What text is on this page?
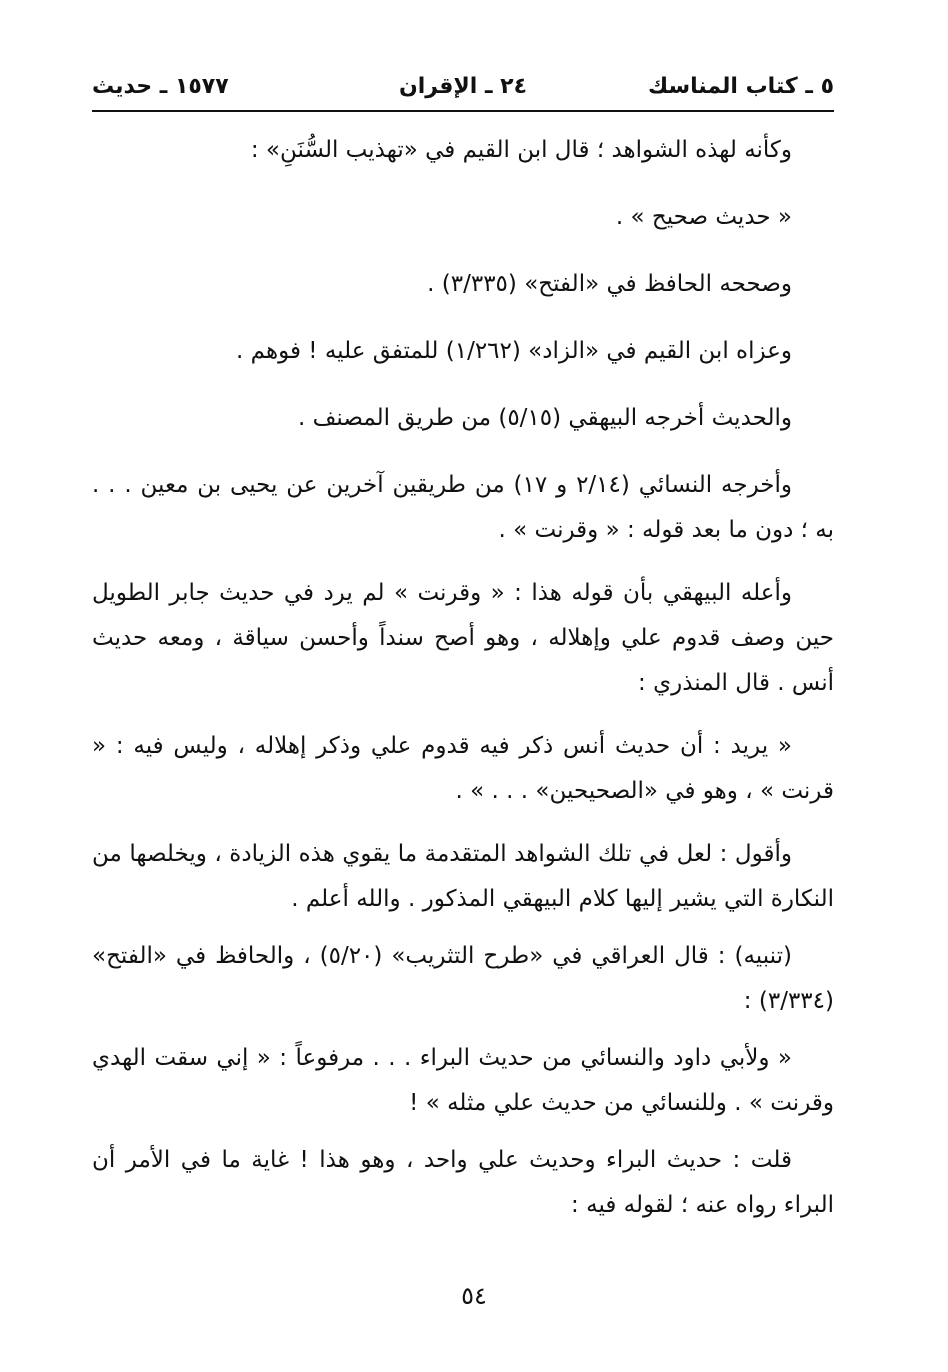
٥ ـ كتاب المناسك
٢٤ ـ الإقران
١٥٧٧ ـ حديث

وكأنه لهذه الشواهد ؛ قال ابن القيم في «تهذيب السُّنَنِ» :

« حديث صحيح » .

وصححه الحافظ في «الفتح» (٣/٣٣٥) .

وعزاه ابن القيم في «الزاد» (١/٢٦٢) للمتفق عليه ! فوهم .

والحديث أخرجه البيهقي (٥/١٥) من طريق المصنف .

وأخرجه النسائي (٢/١٤ و ١٧) من طريقين آخرين عن يحيى بن معين . . . به ؛ دون ما بعد قوله : « وقرنت » .

وأعله البيهقي بأن قوله هذا : « وقرنت » لم يرد في حديث جابر الطويل حين وصف قدوم علي وإهلاله ، وهو أصح سنداً وأحسن سياقة ، ومعه حديث أنس . قال المنذري :

« يريد : أن حديث أنس ذكر فيه قدوم علي وذكر إهلاله ، وليس فيه : « قرنت » ، وهو في «الصحيحين» . . . » .

وأقول : لعل في تلك الشواهد المتقدمة ما يقوي هذه الزيادة ، ويخلصها من النكارة التي يشير إليها كلام البيهقي المذكور . والله أعلم .

(تنبيه) : قال العراقي في «طرح التثريب» (٥/٢٠) ، والحافظ في «الفتح» (٣/٣٣٤) :

« ولأبي داود والنسائي من حديث البراء . . . مرفوعاً : « إني سقت الهدي وقرنت » . وللنسائي من حديث علي مثله » !

قلت : حديث البراء وحديث علي واحد ، وهو هذا ! غاية ما في الأمر أن البراء رواه عنه ؛ لقوله فيه :

٥٤
